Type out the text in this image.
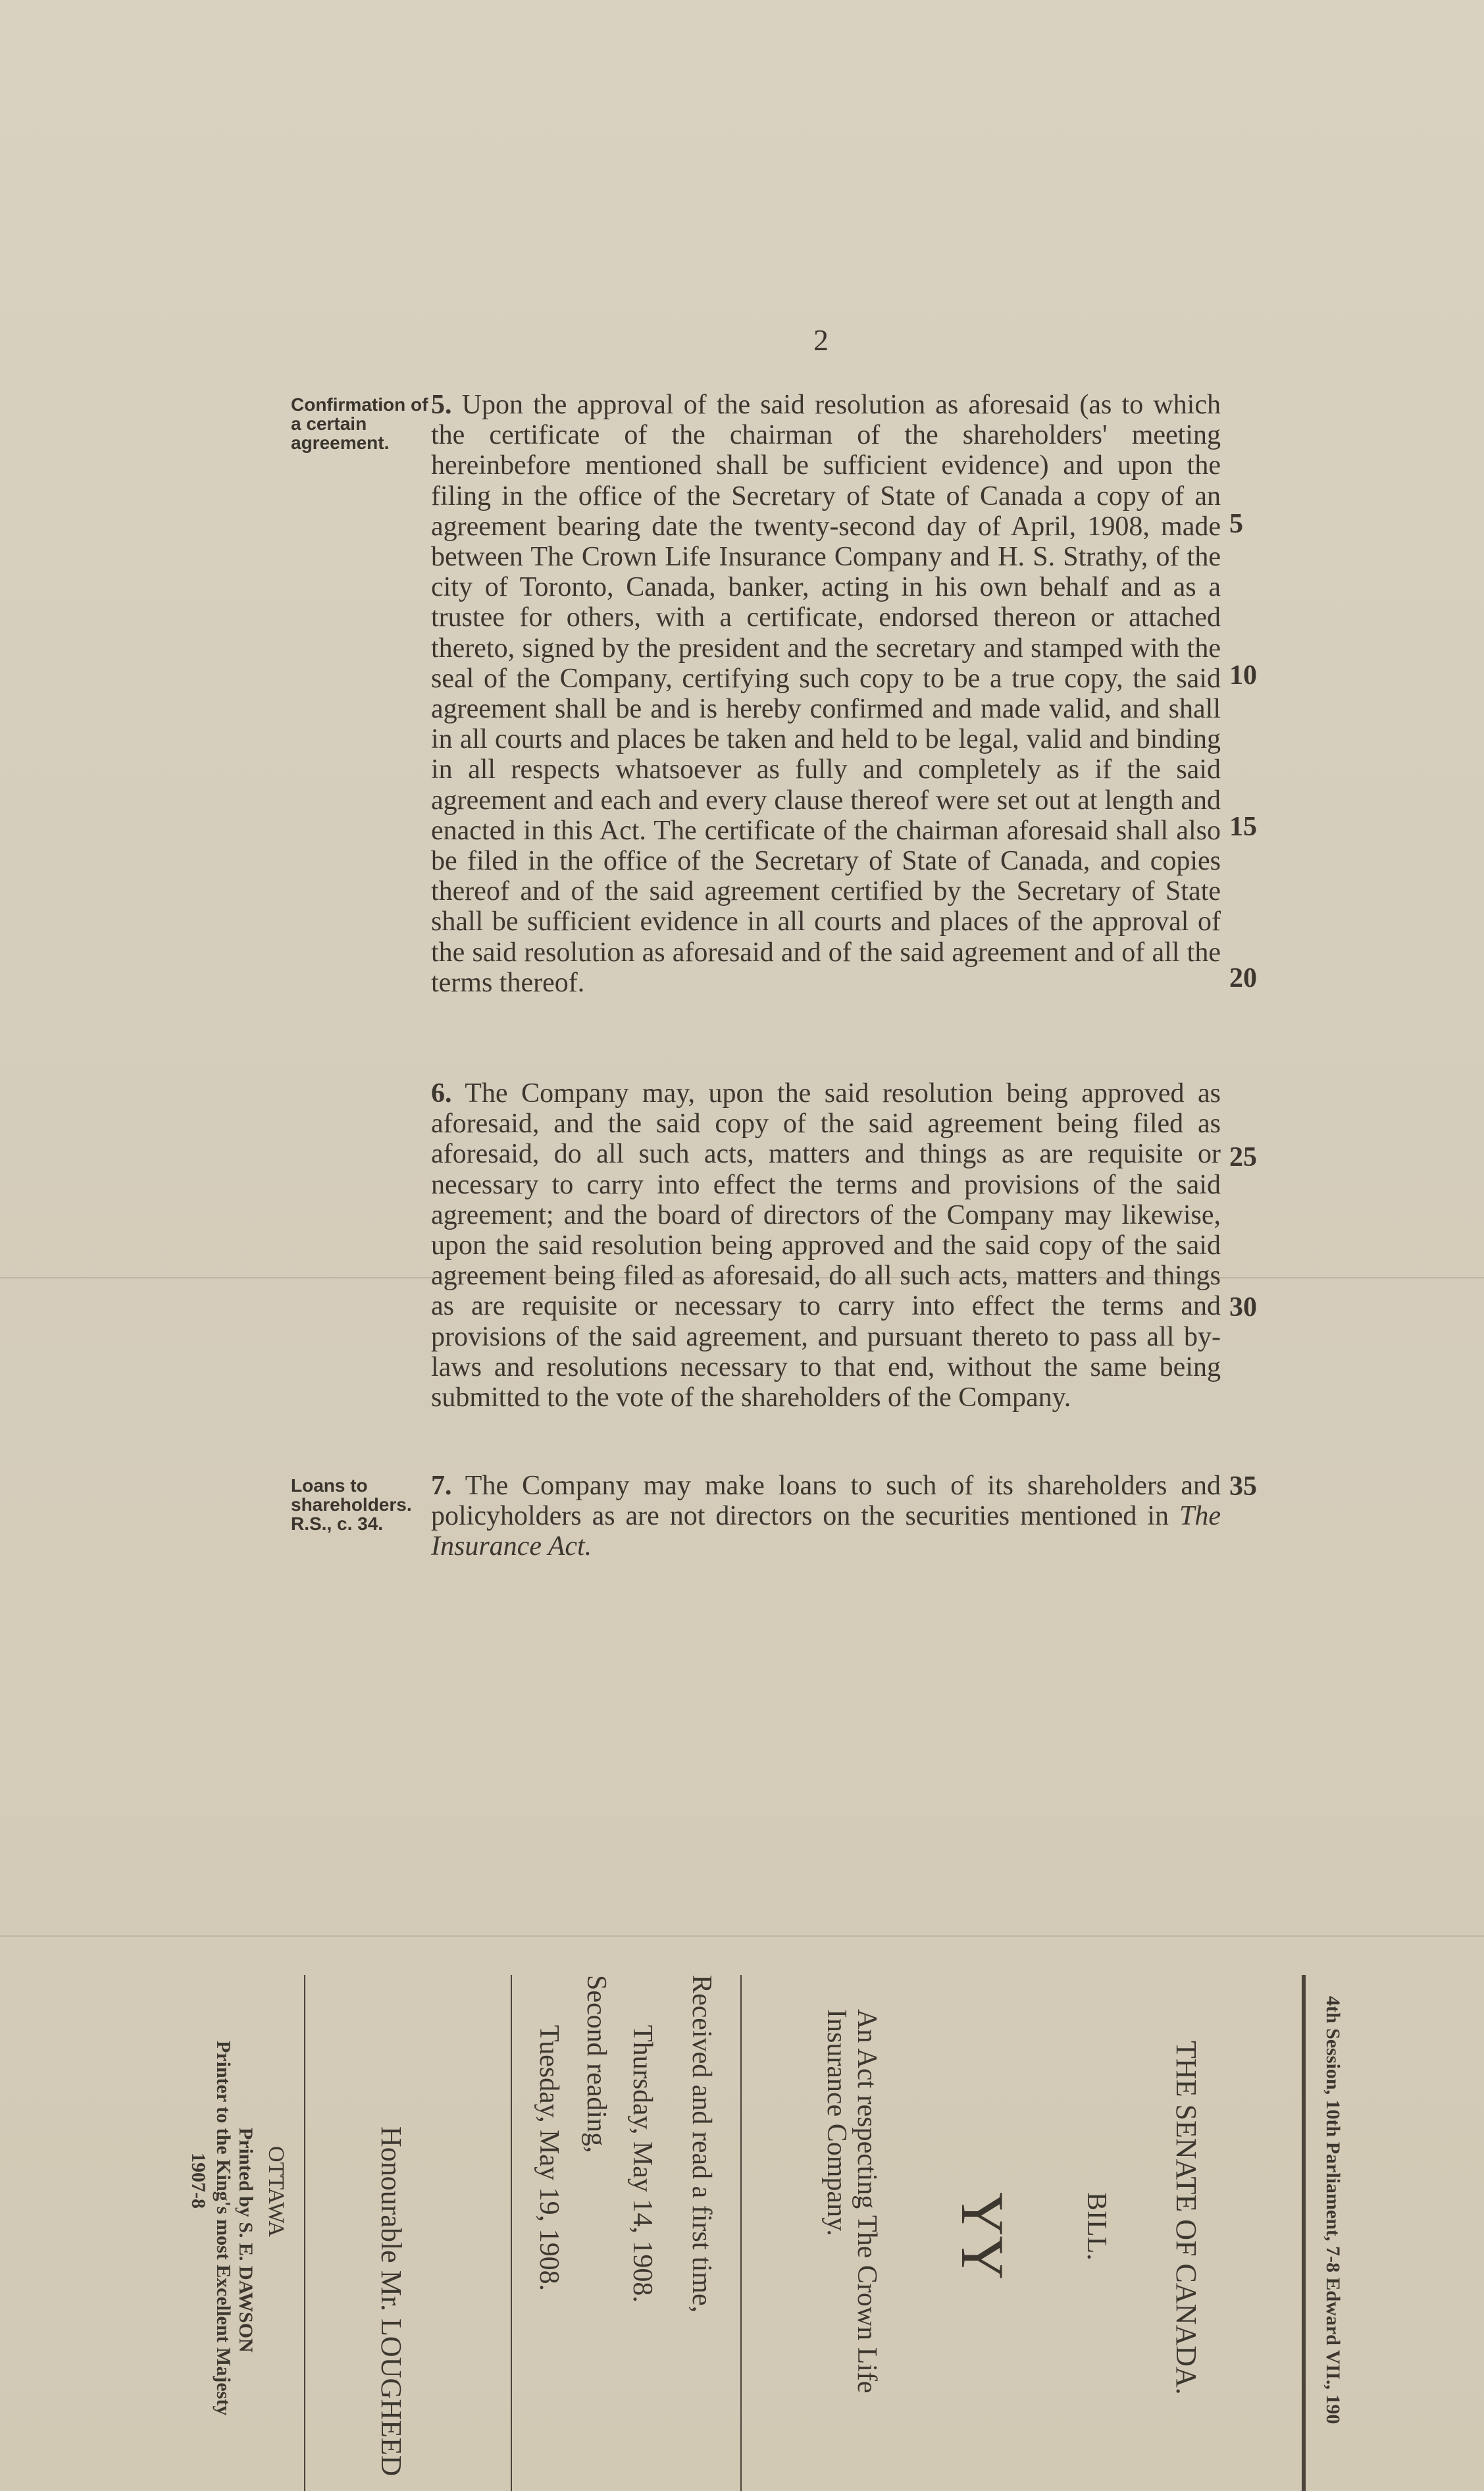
2
Confirmation of a certain agreement.

5. Upon the approval of the said resolution as aforesaid (as to which the certificate of the chairman of the shareholders' meeting hereinbefore mentioned shall be sufficient evidence) and upon the filing in the office of the Secretary of State of Canada a copy of an agreement bearing date the twenty-second day of April, 1908, made between The Crown Life Insurance Company and H. S. Strathy, of the city of Toronto, Canada, banker, acting in his own behalf and as a trustee for others, with a certificate, endorsed thereon or attached thereto, signed by the president and the secretary and stamped with the seal of the Company, certifying such copy to be a true copy, the said agreement shall be and is hereby confirmed and made valid, and shall in all courts and places be taken and held to be legal, valid and binding in all respects whatsoever as fully and completely as if the said agreement and each and every clause thereof were set out at length and enacted in this Act. The certificate of the chairman aforesaid shall also be filed in the office of the Secretary of State of Canada, and copies thereof and of the said agreement certified by the Secretary of State shall be sufficient evidence in all courts and places of the approval of the said resolution as aforesaid and of the said agreement and of all the terms thereof.

6. The Company may, upon the said resolution being approved as aforesaid, and the said copy of the said agreement being filed as aforesaid, do all such acts, matters and things as are requisite or necessary to carry into effect the terms and provisions of the said agreement; and the board of directors of the Company may likewise, upon the said resolution being approved and the said copy of the said agreement being filed as aforesaid, do all such acts, matters and things as are requisite or necessary to carry into effect the terms and provisions of the said agreement, and pursuant thereto to pass all by-laws and resolutions necessary to that end, without the same being submitted to the vote of the shareholders of the Company.

Loans to shareholders. R.S., c. 34.

7. The Company may make loans to such of its shareholders and policyholders as are not directors on the securities mentioned in The Insurance Act.

5
10
15
20
25
30
35
4th Session, 10th Parliament, 7-8 Edward VII., 190
THE SENATE OF CANADA.
BILL.
YY
An Act respecting The Crown Life Insurance Company.
Received and read a first time,
Thursday, May 14, 1908.
Second reading,
Tuesday, May 19, 1908.
Honourable Mr. LOUGHEED
OTTAWA
Printed by S. E. DAWSON
Printer to the King's most Excellent Majesty
1907-8
